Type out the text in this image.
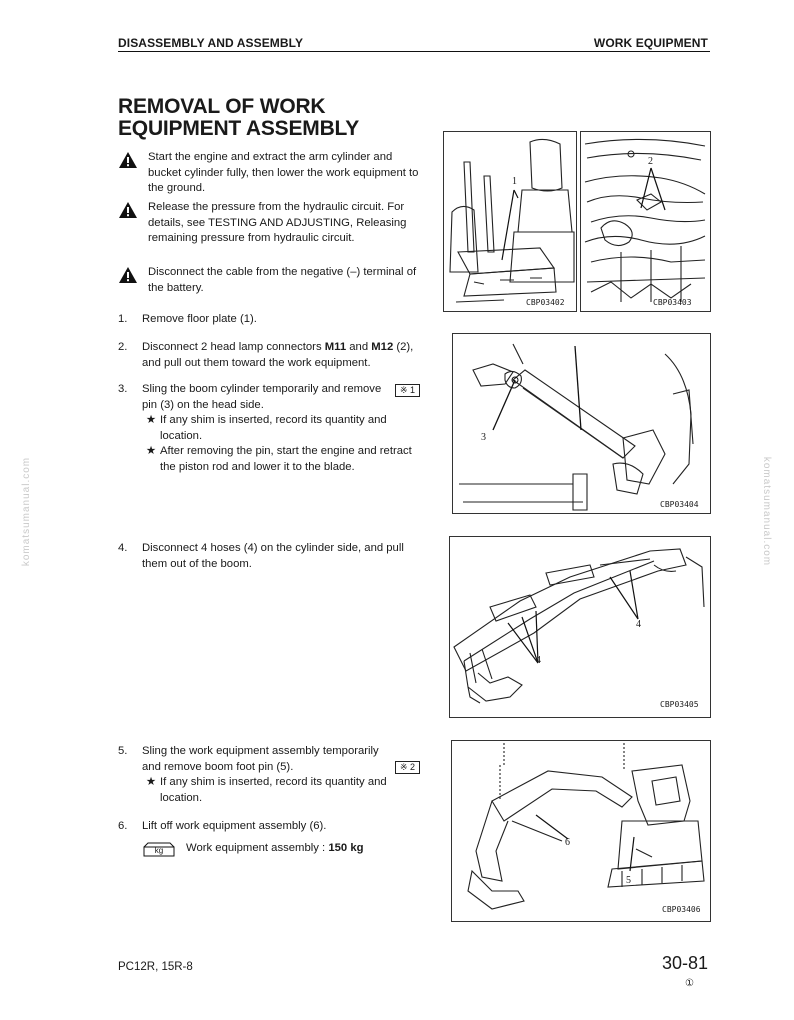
DISASSEMBLY AND ASSEMBLY	WORK EQUIPMENT
komatsumanual.com	komatsumanual.com
REMOVAL OF WORK
EQUIPMENT ASSEMBLY
Start the engine and extract the arm cylinder and bucket cylinder fully, then lower the work equipment to the ground.
Release the pressure from the hydraulic circuit. For details, see TESTING AND ADJUSTING, Releasing remaining pressure from hydraulic circuit.
Disconnect the cable from the negative (–) terminal of the battery.
1.	Remove floor plate (1).
2.	Disconnect 2 head lamp connectors M11 and M12 (2), and pull out them toward the work equipment.
3.	※ 1
Sling the boom cylinder temporarily and remove pin (3) on the head side.
★ If any shim is inserted, record its quantity and location.
★ After removing the pin, start the engine and retract the piston rod and lower it to the blade.
4.	Disconnect 4 hoses (4) on the cylinder side, and pull them out of the boom.
5.
※ 2
Sling the work equipment assembly temporarily and remove boom foot pin (5).
★ If any shim is inserted, record its quantity and location.
6.	Lift off work equipment assembly (6).
kg	Work equipment assembly : 150 kg
1
CBP03402
2
CBP03403
3
CBP03404
4
4
CBP03405
6
5
CBP03406
PC12R, 15R-8	30-81
①
